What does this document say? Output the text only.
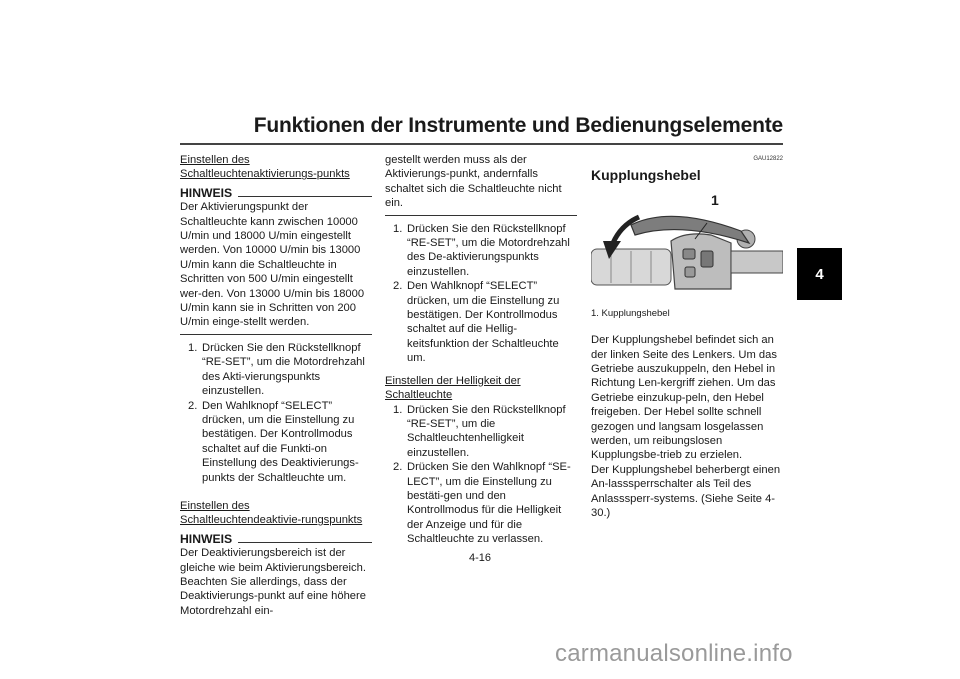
Funktionen der Instrumente und Bedienungselemente
4

Einstellen des Schaltleuchtenaktivierungs-punkts

HINWEIS

Der Aktivierungspunkt der Schaltleuchte kann zwischen 10000 U/min und 18000 U/min eingestellt werden. Von 10000 U/min bis 13000 U/min kann die Schaltleuchte in Schritten von 500 U/min eingestellt wer-den. Von 13000 U/min bis 18000 U/min kann sie in Schritten von 200 U/min einge-stellt werden.

1. Drücken Sie den Rückstellknopf “RE-SET”, um die Motordrehzahl des Akti-vierungspunkts einzustellen.
2. Den Wahlknopf “SELECT” drücken, um die Einstellung zu bestätigen. Der Kontrollmodus schaltet auf die Funkti-on Einstellung des Deaktivierungs-punkts der Schaltleuchte um.

Einstellen des Schaltleuchtendeaktivie-rungspunkts

HINWEIS

Der Deaktivierungsbereich ist der gleiche wie beim Aktivierungsbereich. Beachten Sie allerdings, dass der Deaktivierungs-punkt auf eine höhere Motordrehzahl ein-

gestellt werden muss als der Aktivierungs-punkt, andernfalls schaltet sich die Schaltleuchte nicht ein.

1. Drücken Sie den Rückstellknopf “RE-SET”, um die Motordrehzahl des De-aktivierungspunkts einzustellen.
2. Den Wahlknopf “SELECT” drücken, um die Einstellung zu bestätigen. Der Kontrollmodus schaltet auf die Hellig-keitsfunktion der Schaltleuchte um.

Einstellen der Helligkeit der Schaltleuchte

1. Drücken Sie den Rückstellknopf “RE-SET”, um die Schaltleuchtenhelligkeit einzustellen.
2. Drücken Sie den Wahlknopf “SE-LECT”, um die Einstellung zu bestäti-gen und den Kontrollmodus für die Helligkeit der Anzeige und für die Schaltleuchte zu verlassen.
GAU12822
Kupplungshebel
1
1. Kupplungshebel

Der Kupplungshebel befindet sich an der linken Seite des Lenkers. Um das Getriebe auszukuppeln, den Hebel in Richtung Len-kergriff ziehen. Um das Getriebe einzukup-peln, den Hebel freigeben. Der Hebel sollte schnell gezogen und langsam losgelassen werden, um reibungslosen Kupplungsbe-trieb zu erzielen.

Der Kupplungshebel beherbergt einen An-lasssperrschalter als Teil des Anlasssperr-systems. (Siehe Seite 4-30.)

4-16
carmanualsonline.info
